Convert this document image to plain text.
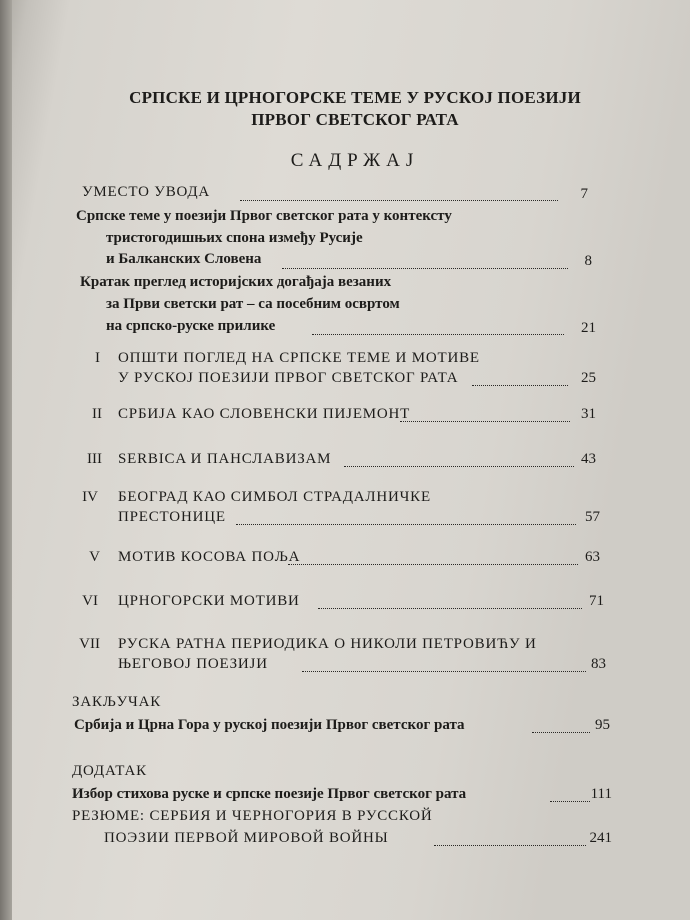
СРПСКЕ И ЦРНОГОРСКЕ ТЕМЕ У РУСКОЈ ПОЕЗИЈИ
ПРВОГ СВЕТСКОГ РАТА
САДРЖАЈ
УМЕСТО УВОДА	7
Српске теме у поезији Првог светског рата у контексту
тристогодишњих спона између Русије
и Балканских Словена	8
Кратак преглед историјских догађаја везаних
за Први светски рат – са посебним освртом
на српско-руске прилике	21
I ОПШТИ ПОГЛЕД НА СРПСКЕ ТЕМЕ И МОТИВЕ
У РУСКОЈ ПОЕЗИЈИ ПРВОГ СВЕТСКОГ РАТА	25
II СРБИЈА КАО СЛОВЕНСКИ ПИЈЕМОНТ	31
III SERBICA И ПАНСЛАВИЗАМ	43
IV БЕОГРАД КАО СИМБОЛ СТРАДАЛНИЧКЕ
ПРЕСТОНИЦЕ	57
V МОТИВ КОСОВА ПОЉА	63
VI ЦРНОГОРСКИ МОТИВИ	71
VII РУСКА РАТНА ПЕРИОДИКА О НИКОЛИ ПЕТРОВИЋУ И
ЊЕГОВОЈ ПОЕЗИЈИ	83
ЗАКЉУЧАК
Србија и Црна Гора у руској поезији Првог светског рата	95
ДОДАТАК
Избор стихова руске и српске поезије Првог светског рата	111
РЕЗЮМЕ: СЕРБИЯ И ЧЕРНОГОРИЯ В РУССКОЙ
ПОЭЗИИ ПЕРВОЙ МИРОВОЙ ВОЙНЫ	241
